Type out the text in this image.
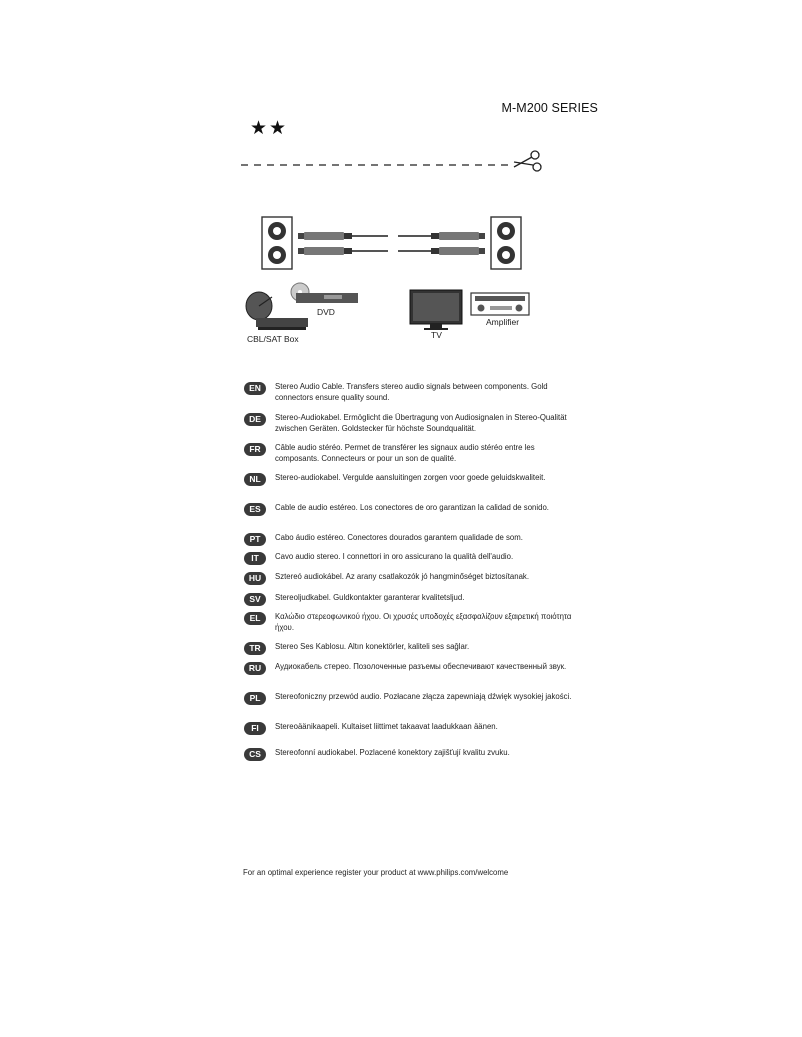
M-M200 SERIES
★★
DVD
CBL/SAT Box	TV
Amplifier
EN	Stereo Audio Cable. Transfers stereo audio signals between components. Gold connectors ensure quality sound.
DE	Stereo-Audiokabel. Ermöglicht die Übertragung von Audiosignalen in Stereo-Qualität zwischen Geräten. Goldstecker für höchste Soundqualität.
FR	Câble audio stéréo. Permet de transférer les signaux audio stéréo entre les composants. Connecteurs or pour un son de qualité.
NL	Stereo-audiokabel. Vergulde aansluitingen zorgen voor goede geluidskwaliteit.
ES	Cable de audio estéreo. Los conectores de oro garantizan la calidad de sonido.
PT	Cabo áudio estéreo. Conectores dourados garantem qualidade de som.
IT	Cavo audio stereo. I connettori in oro assicurano la qualità dell'audio.
HU	Sztereó audiokábel. Az arany csatlakozók jó hangminőséget biztosítanak.
SV	Stereoljudkabel. Guldkontakter garanterar kvalitetsljud.
EL	Καλώδιο στερεοφωνικού ήχου. Οι χρυσές υποδοχές εξασφαλίζουν εξαιρετική ποιότητα ήχου.
TR	Stereo Ses Kablosu. Altın konektörler, kaliteli ses sağlar.
RU	Аудиокабель стерео. Позолоченные разъемы обеспечивают качественный звук.
PL	Stereofoniczny przewód audio. Pozłacane złącza zapewniają dźwięk wysokiej jakości.
FI	Stereoäänikaapeli. Kultaiset liittimet takaavat laadukkaan äänen.
CS	Stereofonní audiokabel. Pozlacené konektory zajišťují kvalitu zvuku.
For an optimal experience register your product at www.philips.com/welcome
